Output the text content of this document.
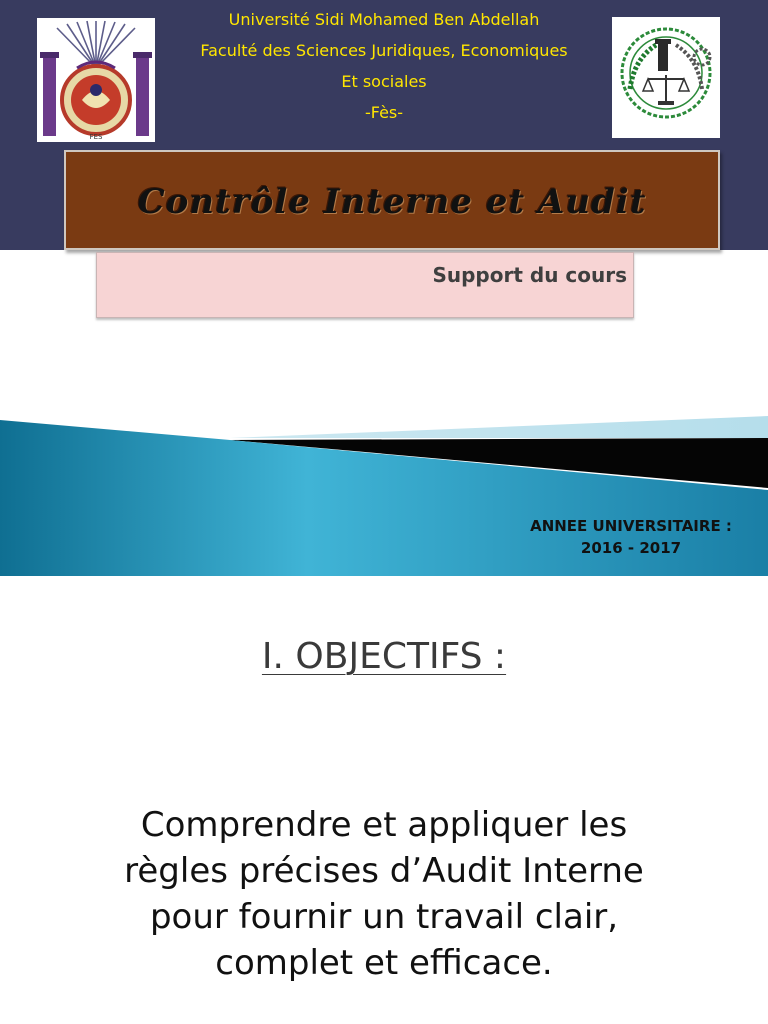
Université Sidi Mohamed Ben Abdellah
Faculté des Sciences Juridiques, Economiques
Et sociales
-Fès-
FES
Contrôle Interne et Audit
Support du cours
ANNEE UNIVERSITAIRE :
2016 - 2017
I. OBJECTIFS :
Comprendre et appliquer les
règles précises d’Audit Interne
pour fournir un travail clair,
complet et efficace.
